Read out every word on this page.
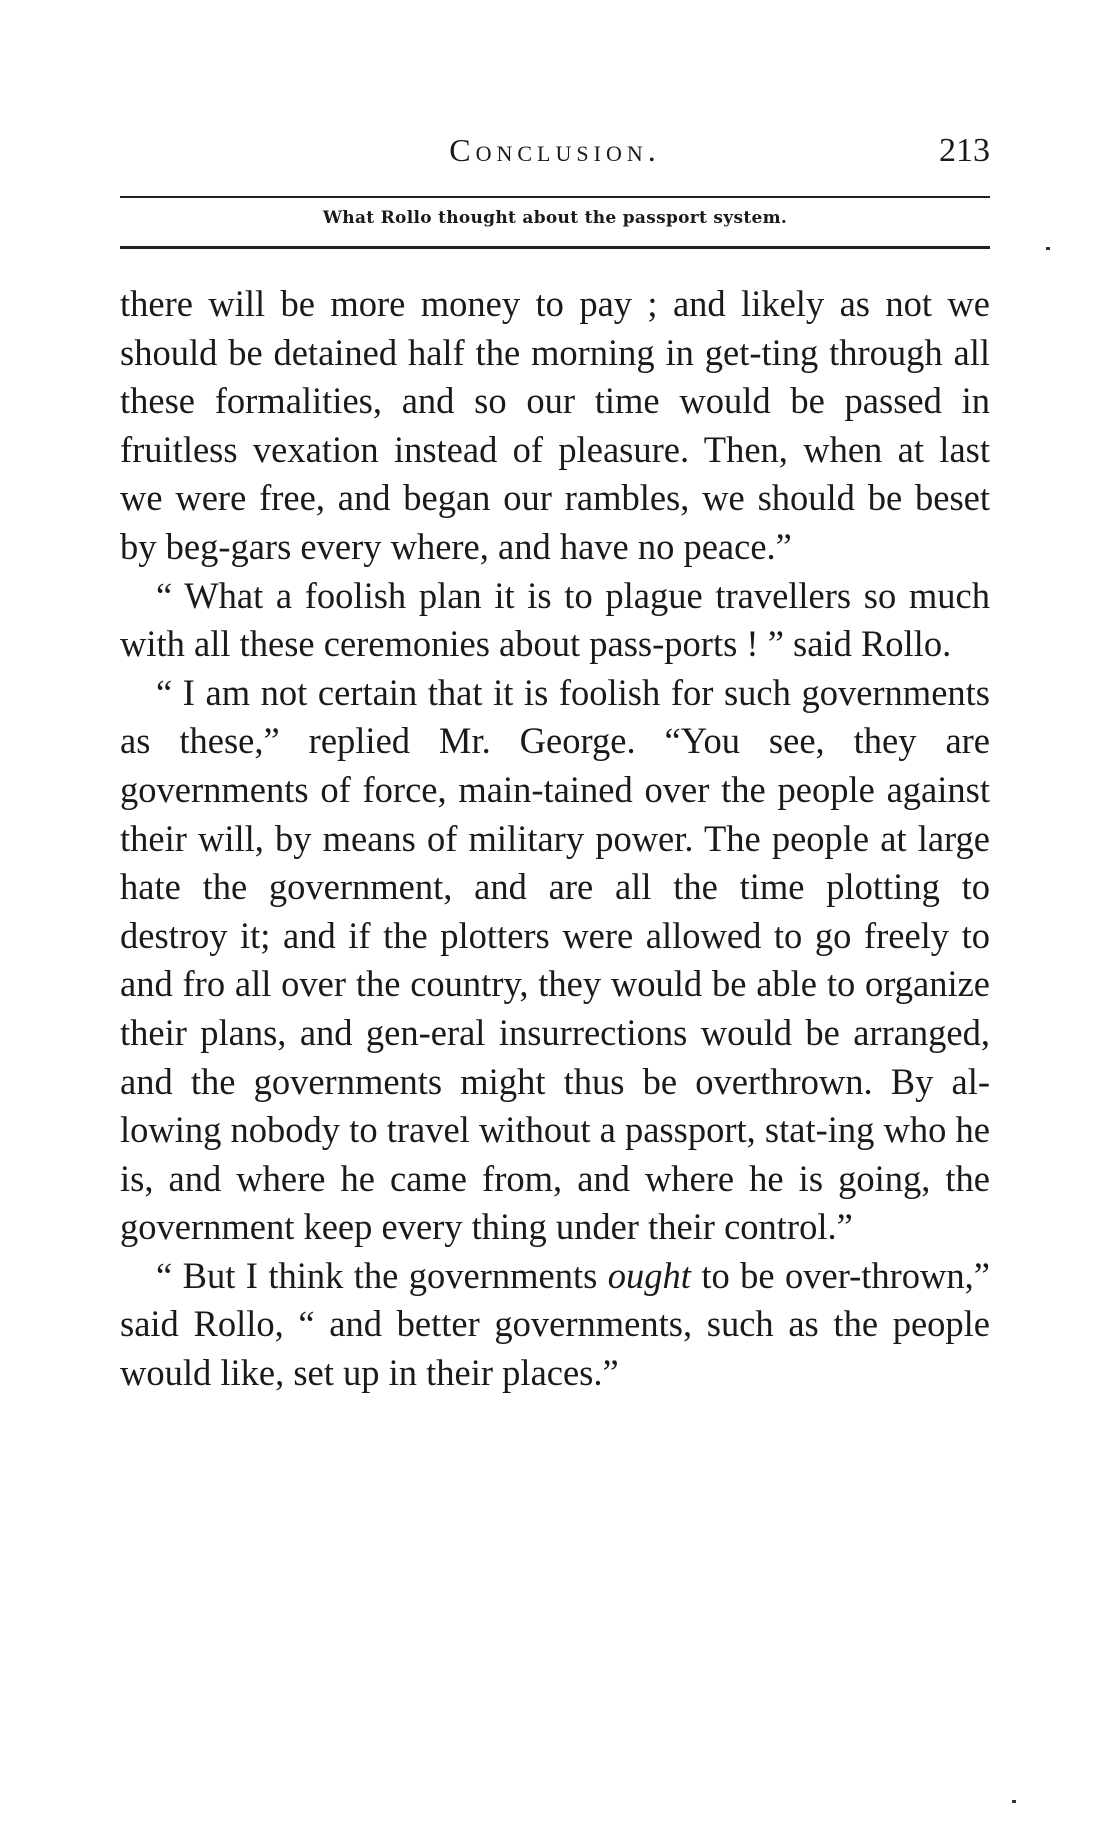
Conclusion.	213
What Rollo thought about the passport system.

there will be more money to pay ; and likely as not we should be detained half the morning in get-ting through all these formalities, and so our time would be passed in fruitless vexation instead of pleasure. Then, when at last we were free, and began our rambles, we should be beset by beg-gars every where, and have no peace.”

“ What a foolish plan it is to plague travellers so much with all these ceremonies about pass-ports ! ” said Rollo.

“ I am not certain that it is foolish for such governments as these,” replied Mr. George. “You see, they are governments of force, main-tained over the people against their will, by means of military power. The people at large hate the government, and are all the time plotting to destroy it; and if the plotters were allowed to go freely to and fro all over the country, they would be able to organize their plans, and gen-eral insurrections would be arranged, and the governments might thus be overthrown. By al-lowing nobody to travel without a passport, stat-ing who he is, and where he came from, and where he is going, the government keep every thing under their control.”

“ But I think the governments ought to be over-thrown,” said Rollo, “ and better governments, such as the people would like, set up in their places.”
